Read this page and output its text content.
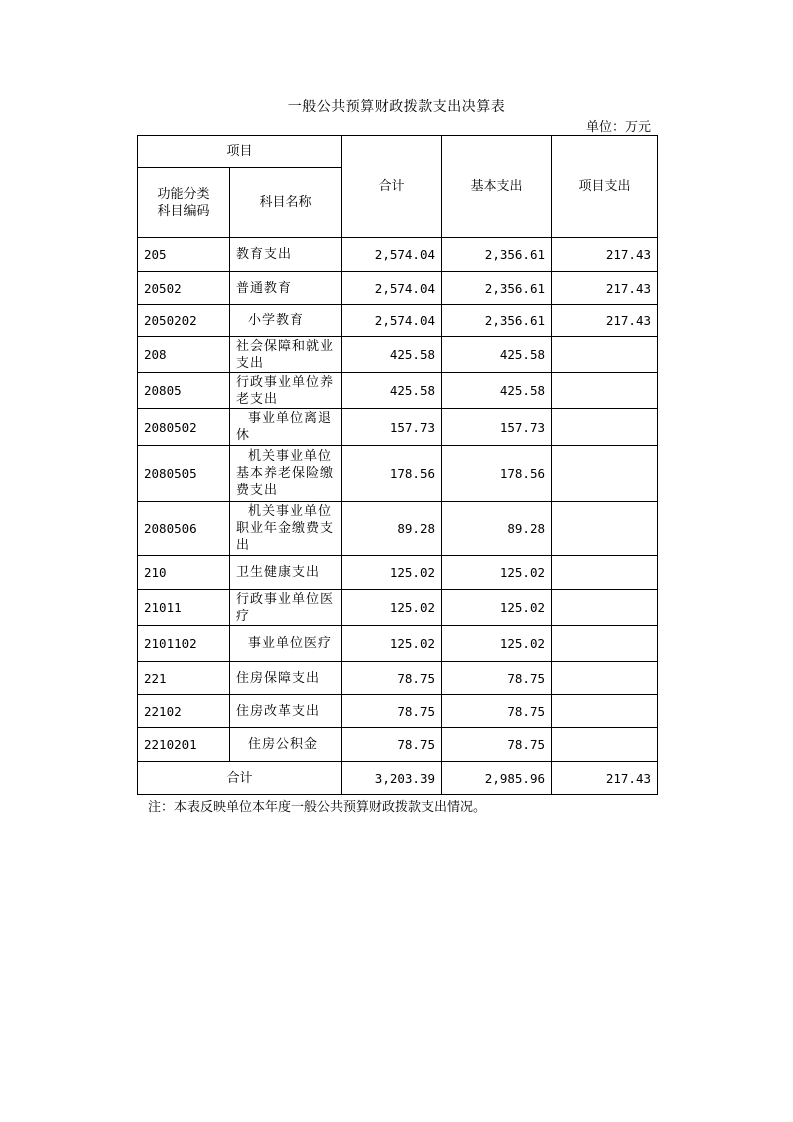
一般公共预算财政拨款支出决算表
单位：万元
项目		合计	基本支出	项目支出
功能分类科目编码	科目名称			
205	教育支出	2,574.04	2,356.61	217.43
20502	普通教育	2,574.04	2,356.61	217.43
2050202	小学教育	2,574.04	2,356.61	217.43
208	社会保障和就业支出	425.58	425.58	
20805	行政事业单位养老支出	425.58	425.58	
2080502	事业单位离退休	157.73	157.73	
2080505	机关事业单位基本养老保险缴费支出	178.56	178.56	
2080506	机关事业单位职业年金缴费支出	89.28	89.28	
210	卫生健康支出	125.02	125.02	
21011	行政事业单位医疗	125.02	125.02	
2101102	事业单位医疗	125.02	125.02	
221	住房保障支出	78.75	78.75	
22102	住房改革支出	78.75	78.75	
2210201	住房公积金	78.75	78.75	
合计		3,203.39	2,985.96	217.43
注：本表反映单位本年度一般公共预算财政拨款支出情况。
